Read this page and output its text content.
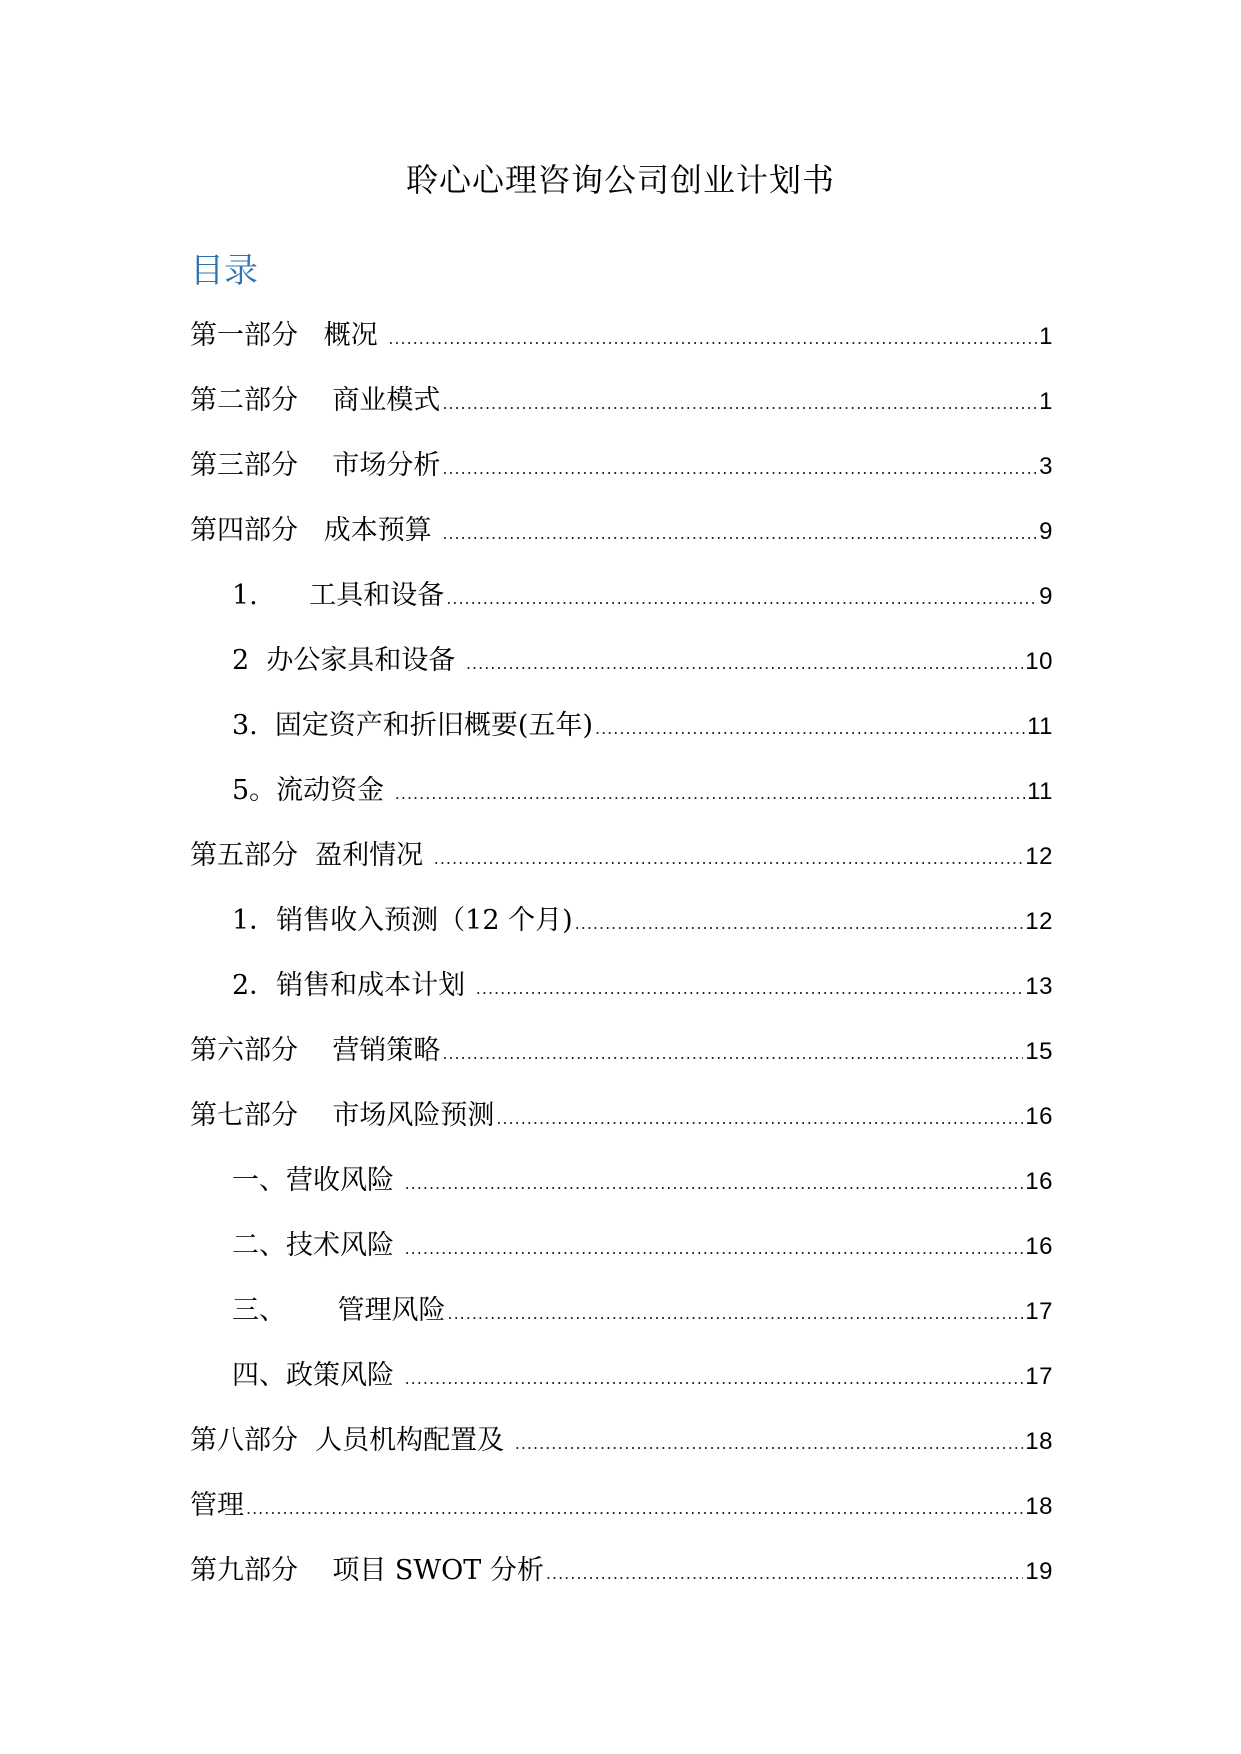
聆心心理咨询公司创业计划书
目录
第一部分   概况 .....	1
第二部分    商业模式 .....	1
第三部分    市场分析 .....	3
第四部分   成本预算 .....	9
1.      工具和设备 .....	9
2  办公家具和设备 .....	10
3.  固定资产和折旧概要(五年) .....	11
5。流动资金 .....	11
第五部分  盈利情况 .....	12
1．销售收入预测（12 个月) .....	12
2．销售和成本计划 .....	13
第六部分    营销策略 .....	15
第七部分    市场风险预测 .....	16
一、营收风险 .....	16
二、技术风险 .....	16
三、      管理风险 .....	17
四、政策风险 .....	17
第八部分  人员机构配置及 .....	18
管理 .....	18
第九部分    项目 SWOT 分析 .....	19
